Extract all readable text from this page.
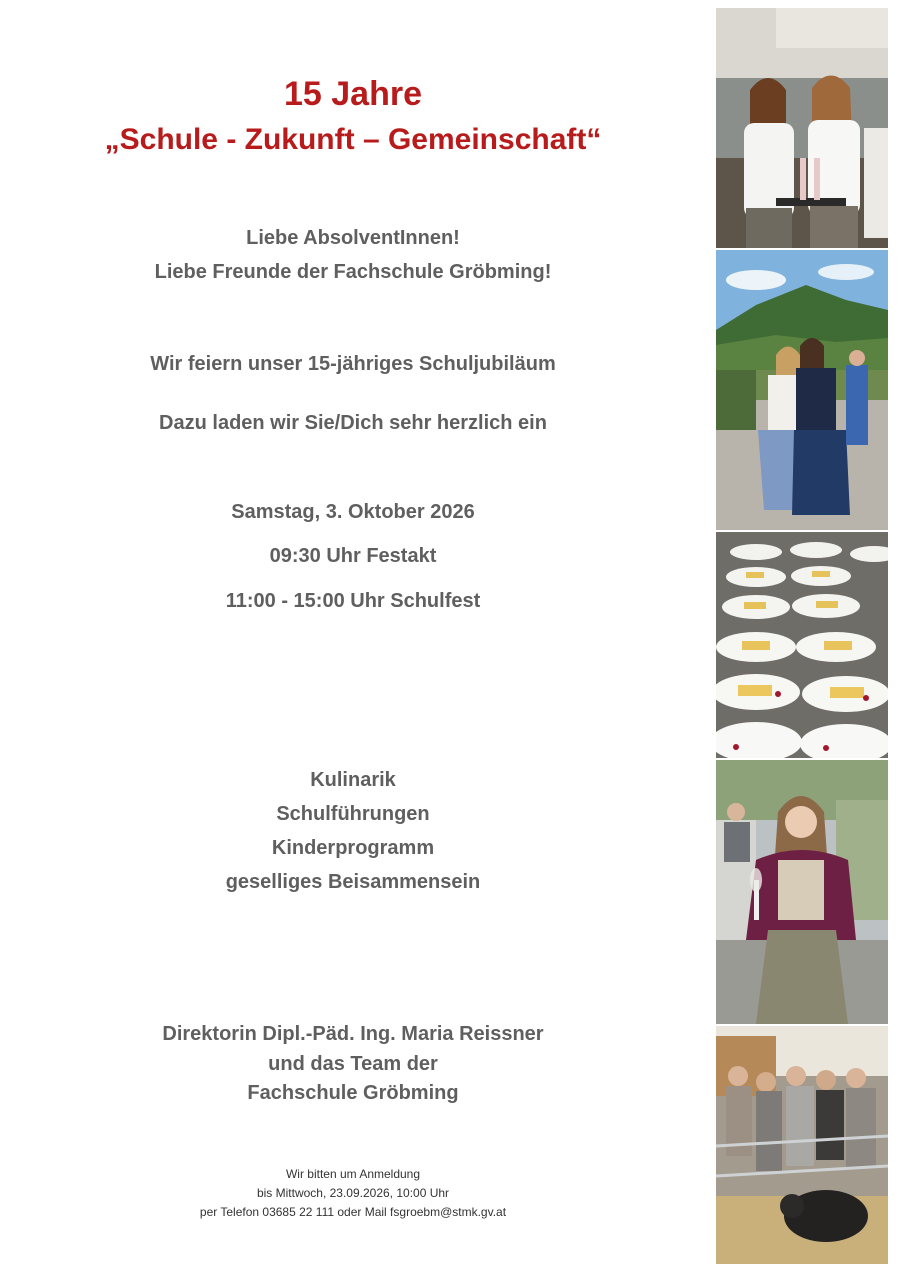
15 Jahre
„Schule - Zukunft – Gemeinschaft“
Liebe AbsolventInnen!
Liebe Freunde der Fachschule Gröbming!
Wir feiern unser 15-jähriges Schuljubiläum
Dazu laden wir Sie/Dich sehr herzlich ein
Samstag, 3. Oktober 2026
09:30 Uhr Festakt
11:00 - 15:00 Uhr Schulfest
Kulinarik
Schulführungen
Kinderprogramm
geselliges Beisammensein
Direktorin Dipl.-Päd. Ing. Maria Reissner
und das Team der
Fachschule Gröbming
Wir bitten um Anmeldung
bis Mittwoch, 23.09.2026, 10:00 Uhr
per Telefon 03685 22 111 oder Mail fsgroebm@stmk.gv.at
